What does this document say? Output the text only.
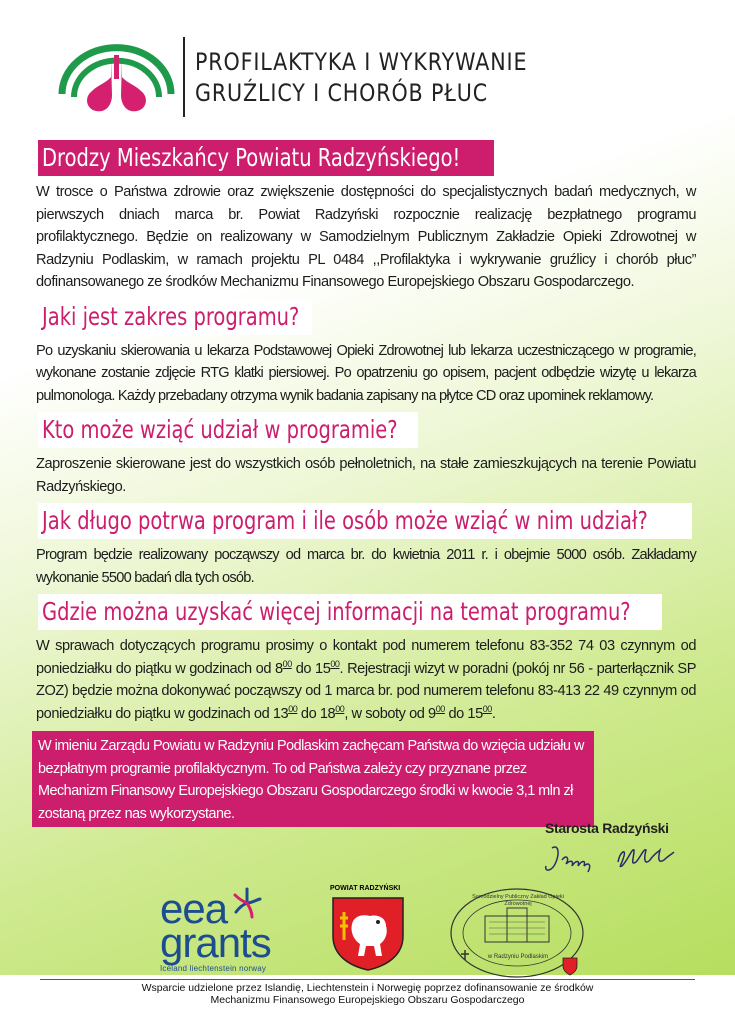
PROFILAKTYKA I WYKRYWANIE
GRUŹLICY I CHORÓB PŁUC
Drodzy Mieszkańcy Powiatu Radzyńskiego!

W trosce o Państwa zdrowie oraz zwiększenie dostępności do specjalistycznych badań medycznych, w pierwszych dniach marca br. Powiat Radzyński rozpocznie realizację bezpłatnego programu profilaktycznego. Będzie on realizowany w Samodzielnym Publicznym Zakładzie Opieki Zdrowotnej w Radzyniu Podlaskim, w ramach projektu PL 0484 ,,Profilaktyka i wykrywanie gruźlicy i chorób płuc” dofinansowanego ze środków Mechanizmu Finansowego Europejskiego Obszaru Gospodarczego.

Jaki jest zakres programu?

Po uzyskaniu skierowania u lekarza Podstawowej Opieki Zdrowotnej lub lekarza uczestniczącego w programie, wykonane zostanie zdjęcie RTG klatki piersiowej. Po opatrzeniu go opisem, pacjent odbędzie wizytę u lekarza pulmonologa. Każdy przebadany otrzyma wynik badania zapisany na płytce CD oraz upominek reklamowy.

Kto może wziąć udział w programie?

Zaproszenie skierowane jest do wszystkich osób pełnoletnich, na stałe zamieszkujących na terenie Powiatu Radzyńskiego.

Jak długo potrwa program i ile osób może wziąć w nim udział?

Program będzie realizowany począwszy od marca br. do kwietnia 2011 r. i obejmie 5000 osób. Zakładamy wykonanie 5500 badań dla tych osób.

Gdzie można uzyskać więcej informacji na temat programu?

W sprawach dotyczących programu prosimy o kontakt pod numerem telefonu 83-352 74 03 czynnym od poniedziałku do piątku w godzinach od $8^{00}$ do $15^{00}$. Rejestracji wizyt w poradni (pokój nr 56 - parterłącznik SP ZOZ) będzie można dokonywać począwszy od 1 marca br. pod numerem telefonu 83-413 22 49 czynnym od poniedziałku do piątku w godzinach od $13^{00}$ do $18^{00}$, w soboty od $9^{00}$ do $15^{00}$.

W imieniu Zarządu Powiatu w Radzyniu Podlaskim zachęcam Państwa do wzięcia udziału w bezpłatnym programie profilaktycznym. To od Państwa zależy czy przyznane przez Mechanizm Finansowy Europejskiego Obszaru Gospodarczego środki w kwocie 3,1 mln zł zostaną przez nas wykorzystane.
Starosta Radzyński
eea
grants
Iceland liechtenstein norway
POWIAT RADZYŃSKI
Samodzielny Publiczny Zakład Opieki Zdrowotnej
w Radzyniu Podlaskim
Wsparcie udzielone przez Islandię, Liechtenstein i Norwegię poprzez dofinansowanie ze środków
Mechanizmu Finansowego Europejskiego Obszaru Gospodarczego
